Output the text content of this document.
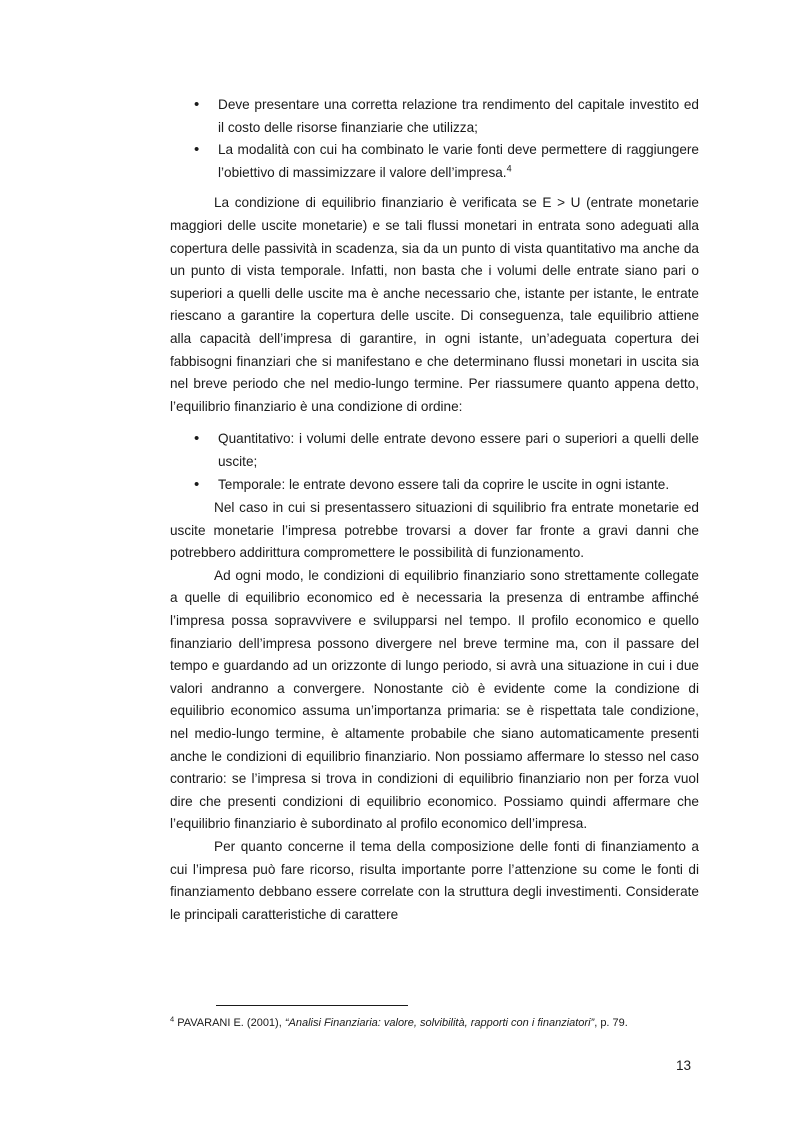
• Deve presentare una corretta relazione tra rendimento del capitale investito ed il costo delle risorse finanziarie che utilizza;
• La modalità con cui ha combinato le varie fonti deve permettere di raggiungere l’obiettivo di massimizzare il valore dell’impresa.$^4$

La condizione di equilibrio finanziario è verificata se E > U (entrate monetarie maggiori delle uscite monetarie) e se tali flussi monetari in entrata sono adeguati alla copertura delle passività in scadenza, sia da un punto di vista quantitativo ma anche da un punto di vista temporale. Infatti, non basta che i volumi delle entrate siano pari o superiori a quelli delle uscite ma è anche necessario che, istante per istante, le entrate riescano a garantire la copertura delle uscite. Di conseguenza, tale equilibrio attiene alla capacità dell’impresa di garantire, in ogni istante, un’adeguata copertura dei fabbisogni finanziari che si manifestano e che determinano flussi monetari in uscita sia nel breve periodo che nel medio-lungo termine. Per riassumere quanto appena detto, l’equilibrio finanziario è una condizione di ordine:

• Quantitativo: i volumi delle entrate devono essere pari o superiori a quelli delle uscite;
• Temporale: le entrate devono essere tali da coprire le uscite in ogni istante.

Nel caso in cui si presentassero situazioni di squilibrio fra entrate monetarie ed uscite monetarie l’impresa potrebbe trovarsi a dover far fronte a gravi danni che potrebbero addirittura compromettere le possibilità di funzionamento.

Ad ogni modo, le condizioni di equilibrio finanziario sono strettamente collegate a quelle di equilibrio economico ed è necessaria la presenza di entrambe affinché l’impresa possa sopravvivere e svilupparsi nel tempo. Il profilo economico e quello finanziario dell’impresa possono divergere nel breve termine ma, con il passare del tempo e guardando ad un orizzonte di lungo periodo, si avrà una situazione in cui i due valori andranno a convergere. Nonostante ciò è evidente come la condizione di equilibrio economico assuma un’importanza primaria: se è rispettata tale condizione, nel medio-lungo termine, è altamente probabile che siano automaticamente presenti anche le condizioni di equilibrio finanziario. Non possiamo affermare lo stesso nel caso contrario: se l’impresa si trova in condizioni di equilibrio finanziario non per forza vuol dire che presenti condizioni di equilibrio economico. Possiamo quindi affermare che l’equilibrio finanziario è subordinato al profilo economico dell’impresa.

Per quanto concerne il tema della composizione delle fonti di finanziamento a cui l’impresa può fare ricorso, risulta importante porre l’attenzione su come le fonti di finanziamento debbano essere correlate con la struttura degli investimenti. Considerate le principali caratteristiche di carattere

$^4$ PAVARANI E. (2001), “Analisi Finanziaria: valore, solvibilità, rapporti con i finanziatori”, p. 79.
13
